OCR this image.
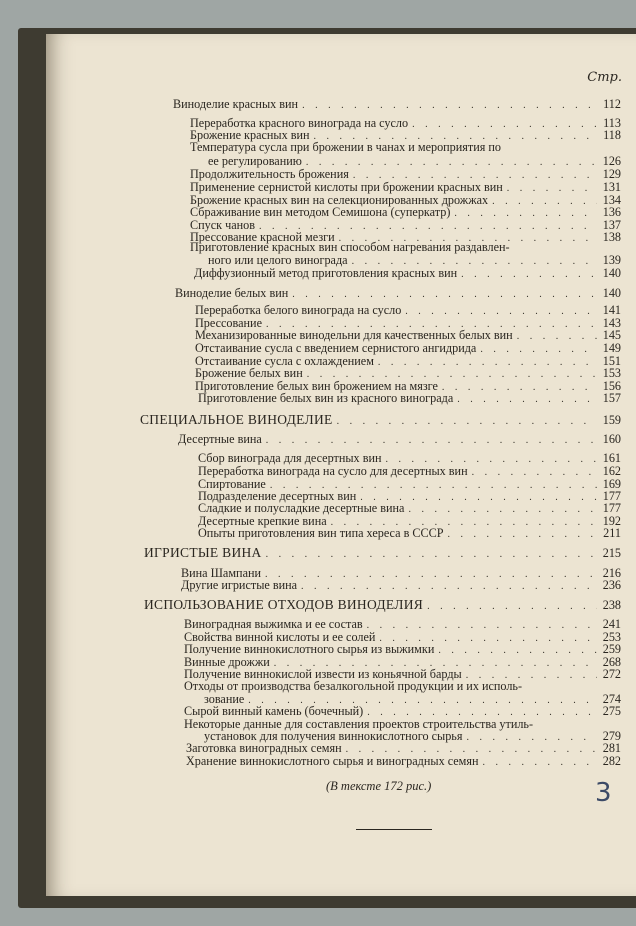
Стр.
Виноделие красных вин . . .	112
Переработка красного винограда на сусло . . .	113
Брожение красных вин . . .	118
Температура сусла при брожении в чанах и мероприятия по
ее регулированию . . .	126
Продолжительность брожения . . .	129
Применение сернистой кислоты при брожении красных вин . . .	131
Брожение красных вин на селекционированных дрожжах . . .	134
Сбраживание вин методом Семишона (суперкатр) . . .	136
Спуск чанов . . .	137
Прессование красной мезги . . .	138
Приготовление красных вин способом нагревания раздавлен-
ного или целого винограда . . .	139
Диффузионный метод приготовления красных вин . . .	140
Виноделие белых вин . . .	140
Переработка белого винограда на сусло . . .	141
Прессование . . .	143
Механизированные винодельни для качественных белых вин . . .	145
Отстаивание сусла с введением сернистого ангидрида . . .	149
Отстаивание сусла с охлаждением . . .	151
Брожение белых вин . . .	153
Приготовление белых вин брожением на мязге . . .	156
Приготовление белых вин из красного винограда . . .	157
СПЕЦИАЛЬНОЕ ВИНОДЕЛИЕ . . .	159
Десертные вина . . .	160
Сбор винограда для десертных вин . . .	161
Переработка винограда на сусло для десертных вин . . .	162
Спиртование . . .	169
Подразделение десертных вин . . .	177
Сладкие и полусладкие десертные вина . . .	177
Десертные крепкие вина . . .	192
Опыты приготовления вин типа хереса в СССР . . .	211
ИГРИСТЫЕ ВИНА . . .	215
Вина Шампани . . .	216
Другие игристые вина . . .	236
ИСПОЛЬЗОВАНИЕ ОТХОДОВ ВИНОДЕЛИЯ . . .	238
Виноградная выжимка и ее состав . . .	241
Свойства винной кислоты и ее солей . . .	253
Получение виннокислотного сырья из выжимки . . .	259
Винные дрожжи . . .	268
Получение виннокислой извести из коньячной барды . . .	272
Отходы от производства безалкогольной продукции и их исполь-
зование . . .	274
Сырой винный камень (бочечный) . . .	275
Некоторые данные для составления проектов строительства утиль-
установок для получения виннокислотного сырья . . .	279
Заготовка виноградных семян . . .	281
Хранение виннокислотного сырья и виноградных семян . . .	282
(В тексте 172 рис.)	3
